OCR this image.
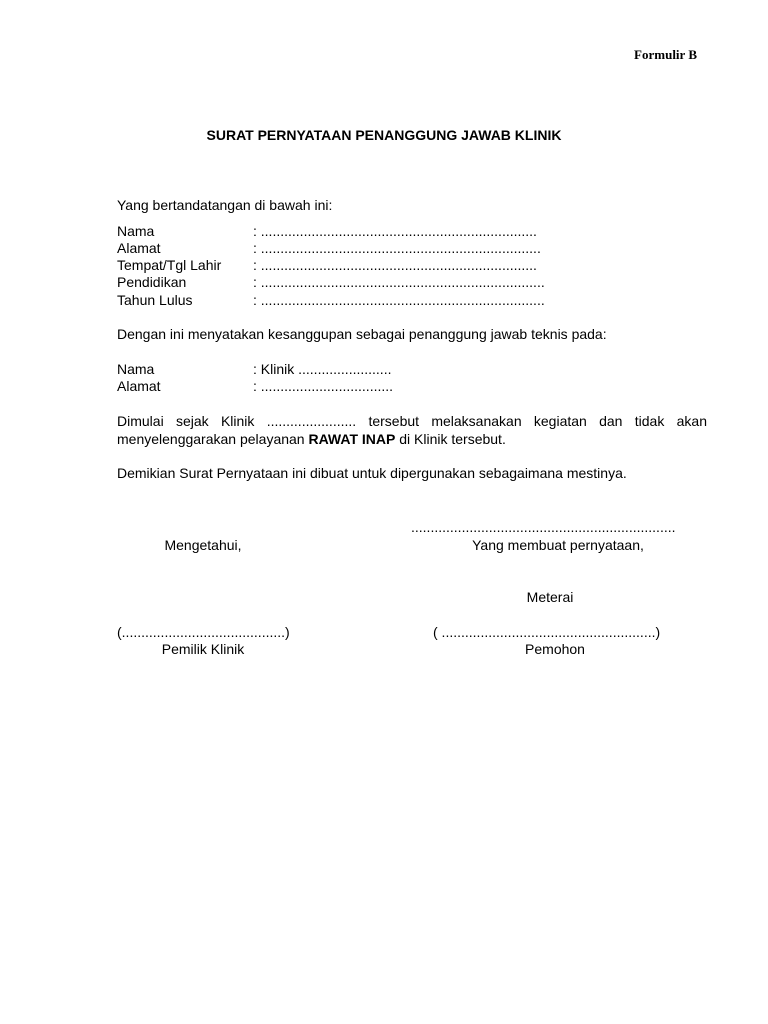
Formulir B
SURAT PERNYATAAN PENANGGUNG JAWAB KLINIK
Yang bertandatangan di bawah ini:
Nama	: .......................................................................
Alamat	: ........................................................................
Tempat/Tgl Lahir : .......................................................................
Pendidikan	: .........................................................................
Tahun Lulus	: .........................................................................
Dengan ini menyatakan kesanggupan sebagai penanggung jawab teknis pada:
Nama	: Klinik ........................
Alamat	: ..................................
Dimulai sejak Klinik ....................... tersebut melaksanakan kegiatan dan tidak akan menyelenggarakan pelayanan RAWAT INAP di Klinik tersebut.
Demikian Surat Pernyataan ini dibuat untuk dipergunakan sebagaimana mestinya.
....................................................................
Mengetahui,	Yang membuat pernyataan,
Meterai
(..........................................)	( .......................................................)
Pemilik Klinik	Pemohon
